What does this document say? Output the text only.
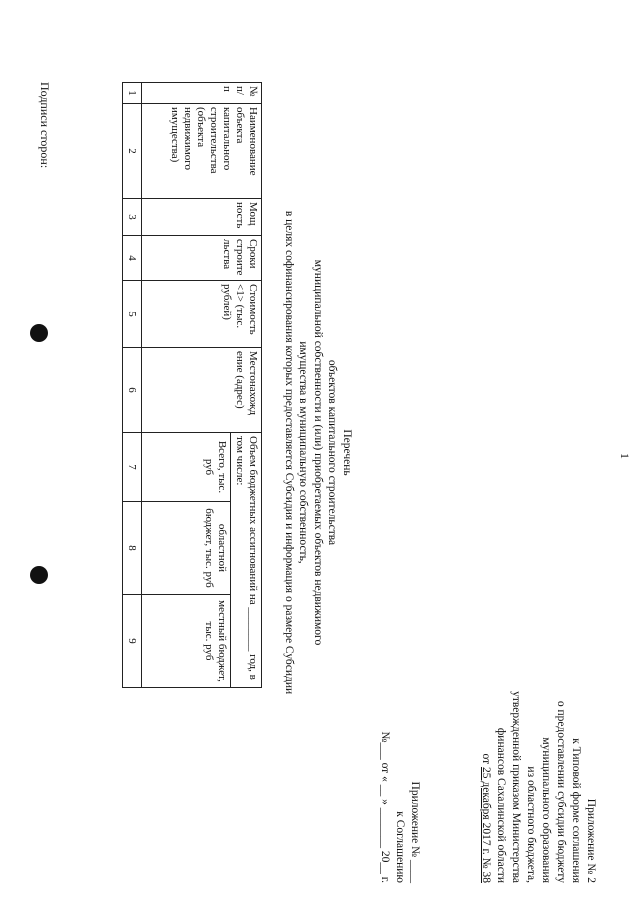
Приложение № 2
к Типовой форме соглашения
о предоставлении субсидии бюджету
муниципального образования
из областного бюджета,
утвержденной приказом Министерства
финансов Сахалинской области
от 25 декабря 2017 г. № 38
Приложение № ____
к Соглашению
№___ от « __ » _______ 20__ г.
Перечень
объектов капитального строительства
муниципальной собственности и (или) приобретаемых объектов недвижимого
имущества в муниципальную собственность,
в целях софинансирования которых предоставляется Субсидия и информация о размере Субсидии
№ п/п	Наименование объекта капитального строительства (объекта недвижимого имущества)	Мощ ность	Сроки строите льства	Стоимость <1> (тыс. рублей)	Местонахожд ение (адрес)	Объем бюджетных ассигнований на ________ год, в том числе:		
						Всего, тыс. руб	областной бюджет, тыс. руб	местный бюджет, тыс. руб
1	2	3	4	5	6	7	8	9
Подписи сторон:
1
